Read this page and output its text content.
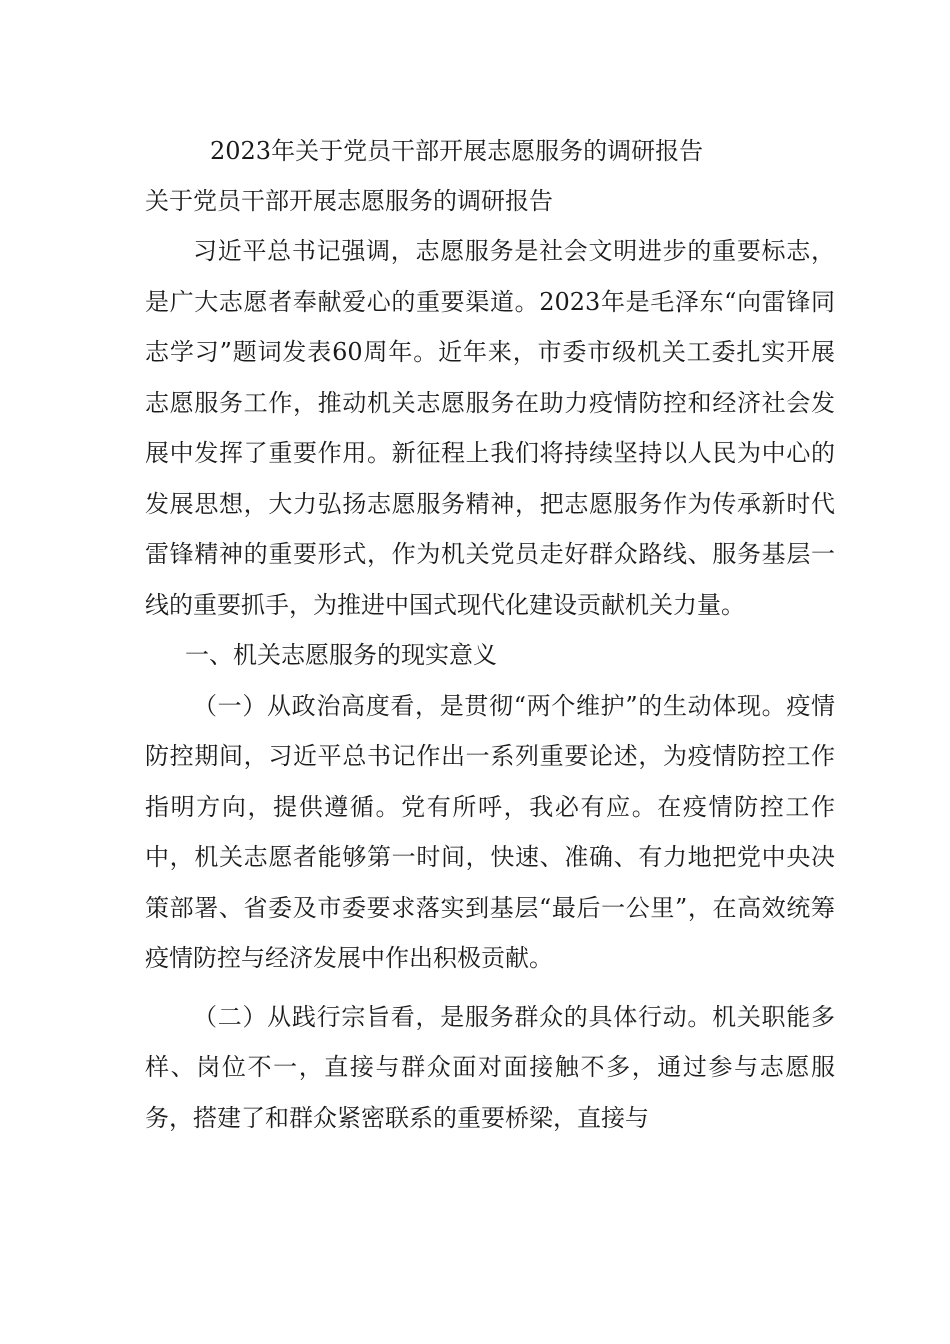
2023年关于党员干部开展志愿服务的调研报告
关于党员干部开展志愿服务的调研报告

习近平总书记强调，志愿服务是社会文明进步的重要标志，是广大志愿者奉献爱心的重要渠道。2023年是毛泽东“向雷锋同志学习”题词发表60周年。近年来，市委市级机关工委扎实开展志愿服务工作，推动机关志愿服务在助力疫情防控和经济社会发展中发挥了重要作用。新征程上我们将持续坚持以人民为中心的发展思想，大力弘扬志愿服务精神，把志愿服务作为传承新时代雷锋精神的重要形式，作为机关党员走好群众路线、服务基层一线的重要抓手，为推进中国式现代化建设贡献机关力量。

一、机关志愿服务的现实意义

（一）从政治高度看，是贯彻“两个维护”的生动体现。疫情防控期间，习近平总书记作出一系列重要论述，为疫情防控工作指明方向，提供遵循。党有所呼，我必有应。在疫情防控工作中，机关志愿者能够第一时间，快速、准确、有力地把党中央决策部署、省委及市委要求落实到基层“最后一公里”，在高效统筹疫情防控与经济发展中作出积极贡献。

（二）从践行宗旨看，是服务群众的具体行动。机关职能多样、岗位不一，直接与群众面对面接触不多，通过参与志愿服务，搭建了和群众紧密联系的重要桥梁，直接与
